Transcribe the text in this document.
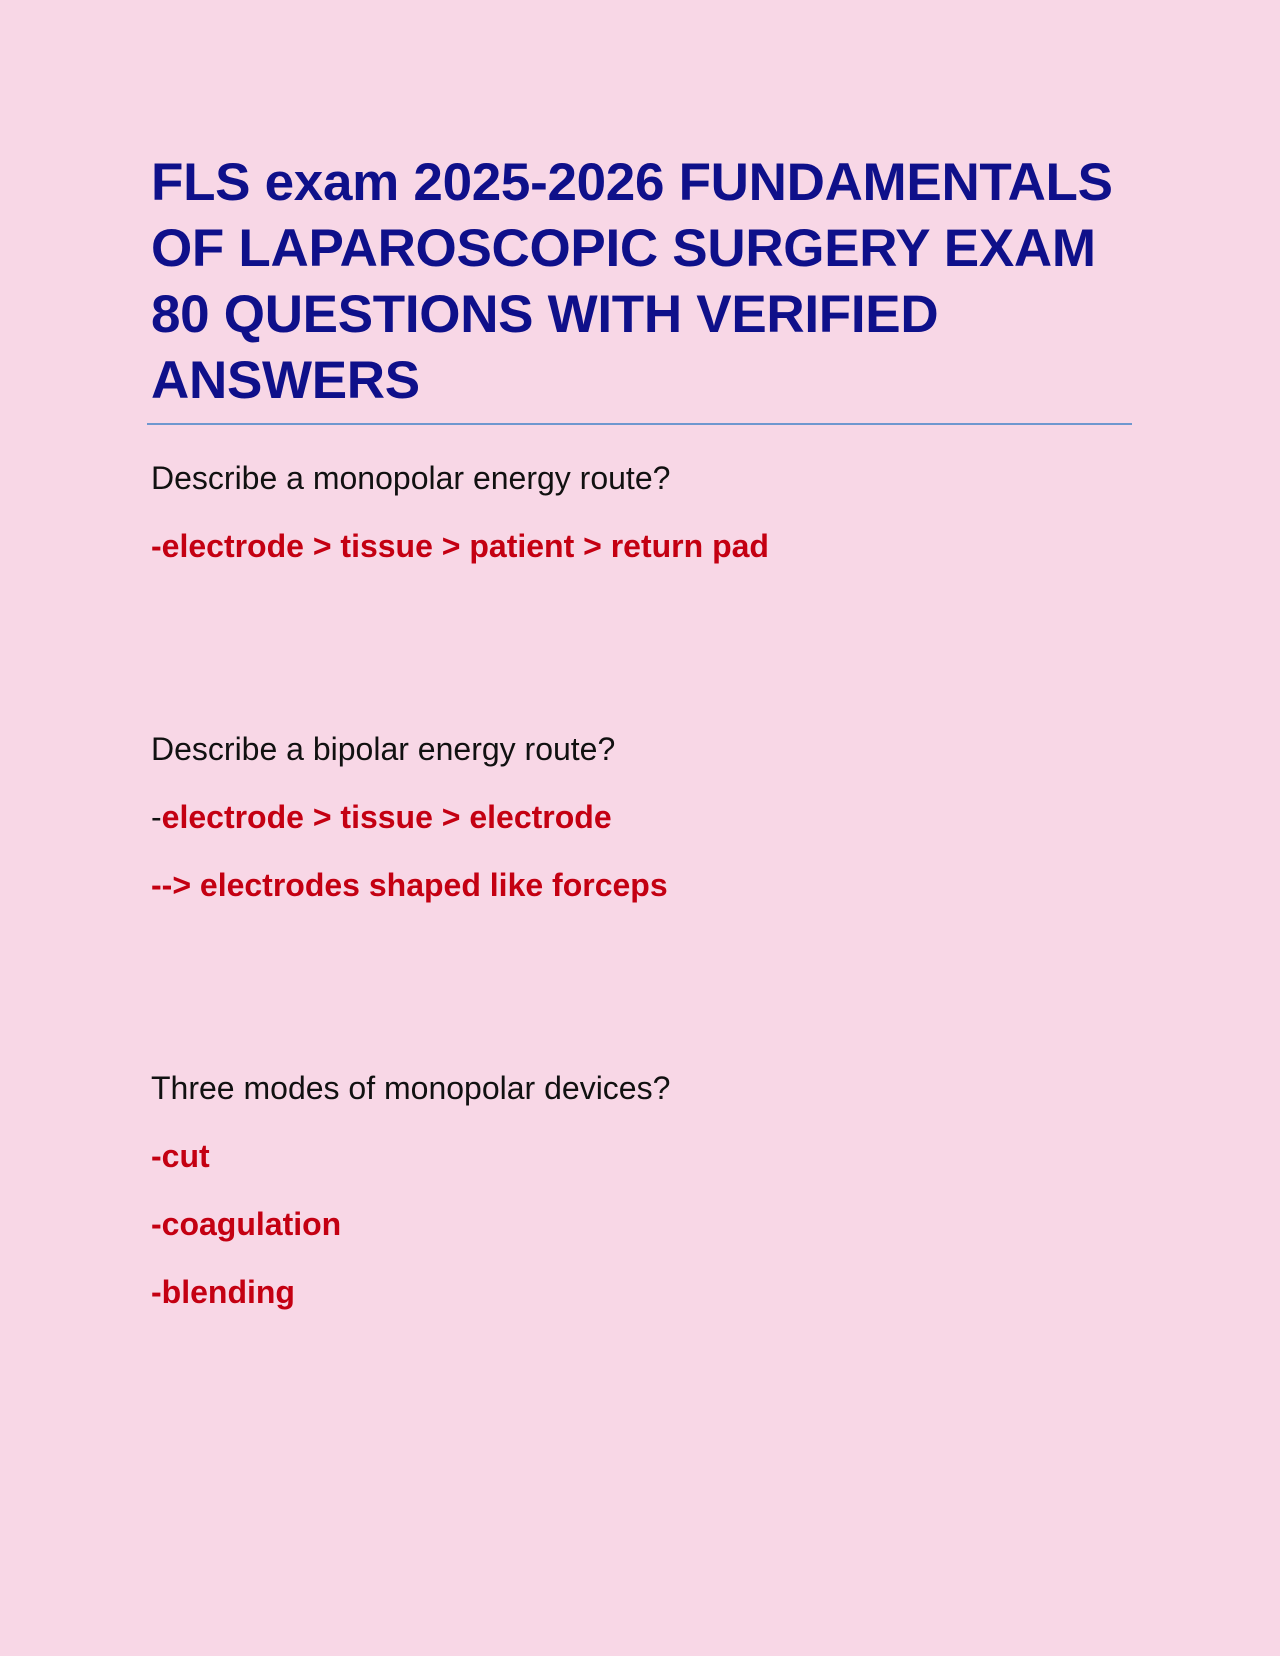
FLS exam 2025-2026 FUNDAMENTALS OF LAPAROSCOPIC SURGERY EXAM 80 QUESTIONS WITH VERIFIED ANSWERS

Describe a monopolar energy route?

-electrode > tissue > patient > return pad

Describe a bipolar energy route?

-electrode > tissue > electrode

--> electrodes shaped like forceps

Three modes of monopolar devices?

-cut

-coagulation

-blending
